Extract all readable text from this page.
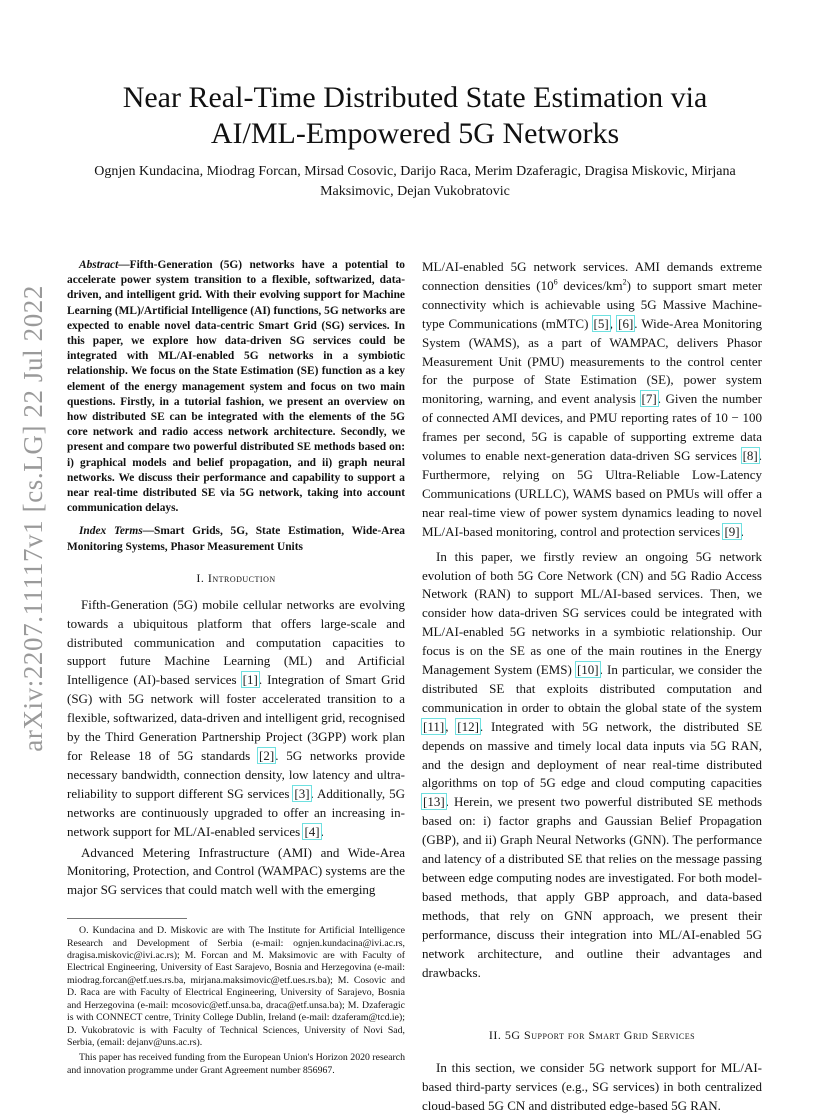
arXiv:2207.11117v1 [cs.LG] 22 Jul 2022
Near Real-Time Distributed State Estimation via
AI/ML-Empowered 5G Networks
Ognjen Kundacina, Miodrag Forcan, Mirsad Cosovic, Darijo Raca, Merim Dzaferagic, Dragisa Miskovic, Mirjana
Maksimovic, Dejan Vukobratovic

Abstract—Fifth-Generation (5G) networks have a potential to accelerate power system transition to a flexible, softwarized, data-driven, and intelligent grid. With their evolving support for Machine Learning (ML)/Artificial Intelligence (AI) functions, 5G networks are expected to enable novel data-centric Smart Grid (SG) services. In this paper, we explore how data-driven SG services could be integrated with ML/AI-enabled 5G networks in a symbiotic relationship. We focus on the State Estimation (SE) function as a key element of the energy management system and focus on two main questions. Firstly, in a tutorial fashion, we present an overview on how distributed SE can be integrated with the elements of the 5G core network and radio access network architecture. Secondly, we present and compare two powerful distributed SE methods based on: i) graphical models and belief propagation, and ii) graph neural networks. We discuss their performance and capability to support a near real-time distributed SE via 5G network, taking into account communication delays.

Index Terms—Smart Grids, 5G, State Estimation, Wide-Area Monitoring Systems, Phasor Measurement Units

I. Introduction

Fifth-Generation (5G) mobile cellular networks are evolving towards a ubiquitous platform that offers large-scale and distributed communication and computation capacities to support future Machine Learning (ML) and Artificial Intelligence (AI)-based services [1]. Integration of Smart Grid (SG) with 5G network will foster accelerated transition to a flexible, softwarized, data-driven and intelligent grid, recognised by the Third Generation Partnership Project (3GPP) work plan for Release 18 of 5G standards [2]. 5G networks provide necessary bandwidth, connection density, low latency and ultra-reliability to support different SG services [3]. Additionally, 5G networks are continuously upgraded to offer an increasing in-network support for ML/AI-enabled services [4].

Advanced Metering Infrastructure (AMI) and Wide-Area Monitoring, Protection, and Control (WAMPAC) systems are the major SG services that could match well with the emerging

O. Kundacina and D. Miskovic are with The Institute for Artificial Intelligence Research and Development of Serbia (e-mail: ognjen.kundacina@ivi.ac.rs, dragisa.miskovic@ivi.ac.rs); M. Forcan and M. Maksimovic are with Faculty of Electrical Engineering, University of East Sarajevo, Bosnia and Herzegovina (e-mail: miodrag.forcan@etf.ues.rs.ba, mirjana.maksimovic@etf.ues.rs.ba); M. Cosovic and D. Raca are with Faculty of Electrical Engineering, University of Sarajevo, Bosnia and Herzegovina (e-mail: mcosovic@etf.unsa.ba, draca@etf.unsa.ba); M. Dzaferagic is with CONNECT centre, Trinity College Dublin, Ireland (e-mail: dzaferam@tcd.ie); D. Vukobratovic is with Faculty of Technical Sciences, University of Novi Sad, Serbia, (email: dejanv@uns.ac.rs).

This paper has received funding from the European Union's Horizon 2020 research and innovation programme under Grant Agreement number 856967.

ML/AI-enabled 5G network services. AMI demands extreme connection densities ($10^6$ devices/$km^2$) to support smart meter connectivity which is achievable using 5G Massive Machine-type Communications (mMTC) [5], [6]. Wide-Area Monitoring System (WAMS), as a part of WAMPAC, delivers Phasor Measurement Unit (PMU) measurements to the control center for the purpose of State Estimation (SE), power system monitoring, warning, and event analysis [7]. Given the number of connected AMI devices, and PMU reporting rates of 10 − 100 frames per second, 5G is capable of supporting extreme data volumes to enable next-generation data-driven SG services [8]. Furthermore, relying on 5G Ultra-Reliable Low-Latency Communications (URLLC), WAMS based on PMUs will offer a near real-time view of power system dynamics leading to novel ML/AI-based monitoring, control and protection services [9].

In this paper, we firstly review an ongoing 5G network evolution of both 5G Core Network (CN) and 5G Radio Access Network (RAN) to support ML/AI-based services. Then, we consider how data-driven SG services could be integrated with ML/AI-enabled 5G networks in a symbiotic relationship. Our focus is on the SE as one of the main routines in the Energy Management System (EMS) [10]. In particular, we consider the distributed SE that exploits distributed computation and communication in order to obtain the global state of the system [11], [12]. Integrated with 5G network, the distributed SE depends on massive and timely local data inputs via 5G RAN, and the design and deployment of near real-time distributed algorithms on top of 5G edge and cloud computing capacities [13]. Herein, we present two powerful distributed SE methods based on: i) factor graphs and Gaussian Belief Propagation (GBP), and ii) Graph Neural Networks (GNN). The performance and latency of a distributed SE that relies on the message passing between edge computing nodes are investigated. For both model-based methods, that apply GBP approach, and data-based methods, that rely on GNN approach, we present their performance, discuss their integration into ML/AI-enabled 5G network architecture, and outline their advantages and drawbacks.

II. 5G Support for Smart Grid Services

In this section, we consider 5G network support for ML/AI-based third-party services (e.g., SG services) in both centralized cloud-based 5G CN and distributed edge-based 5G RAN.
